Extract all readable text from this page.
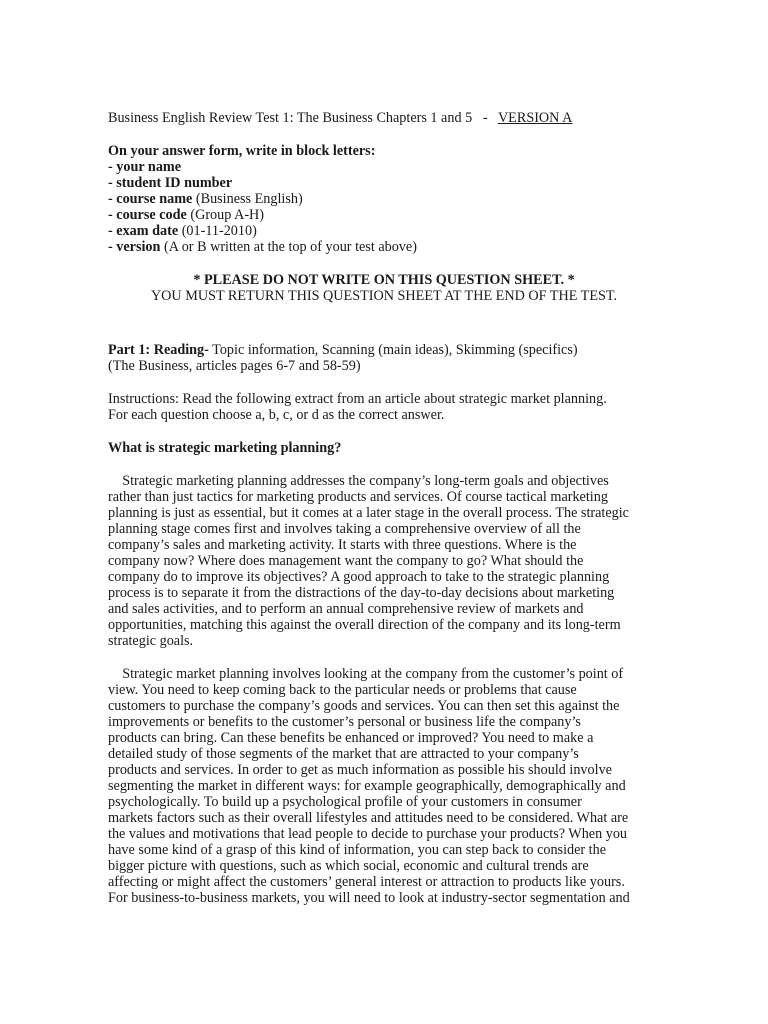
Business English Review Test 1: The Business Chapters 1 and 5   -   VERSION A
On your answer form, write in block letters:
- your name
- student ID number
- course name (Business English)
- course code (Group A-H)
- exam date (01-11-2010)
- version (A or B written at the top of your test above)
* PLEASE DO NOT WRITE ON THIS QUESTION SHEET. *
YOU MUST RETURN THIS QUESTION SHEET AT THE END OF THE TEST.
Part 1: Reading- Topic information, Scanning (main ideas), Skimming (specifics)
(The Business, articles pages 6-7 and 58-59)
Instructions: Read the following extract from an article about strategic market planning.
For each question choose a, b, c, or d as the correct answer.
What is strategic marketing planning?
Strategic marketing planning addresses the company’s long-term goals and objectives
rather than just tactics for marketing products and services. Of course tactical marketing
planning is just as essential, but it comes at a later stage in the overall process. The strategic
planning stage comes first and involves taking a comprehensive overview of all the
company’s sales and marketing activity. It starts with three questions. Where is the
company now? Where does management want the company to go? What should the
company do to improve its objectives? A good approach to take to the strategic planning
process is to separate it from the distractions of the day-to-day decisions about marketing
and sales activities, and to perform an annual comprehensive review of markets and
opportunities, matching this against the overall direction of the company and its long-term
strategic goals.
Strategic market planning involves looking at the company from the customer’s point of
view. You need to keep coming back to the particular needs or problems that cause
customers to purchase the company’s goods and services. You can then set this against the
improvements or benefits to the customer’s personal or business life the company’s
products can bring. Can these benefits be enhanced or improved? You need to make a
detailed study of those segments of the market that are attracted to your company’s
products and services. In order to get as much information as possible his should involve
segmenting the market in different ways: for example geographically, demographically and
psychologically. To build up a psychological profile of your customers in consumer
markets factors such as their overall lifestyles and attitudes need to be considered. What are
the values and motivations that lead people to decide to purchase your products? When you
have some kind of a grasp of this kind of information, you can step back to consider the
bigger picture with questions, such as which social, economic and cultural trends are
affecting or might affect the customers’ general interest or attraction to products like yours.
For business-to-business markets, you will need to look at industry-sector segmentation and
